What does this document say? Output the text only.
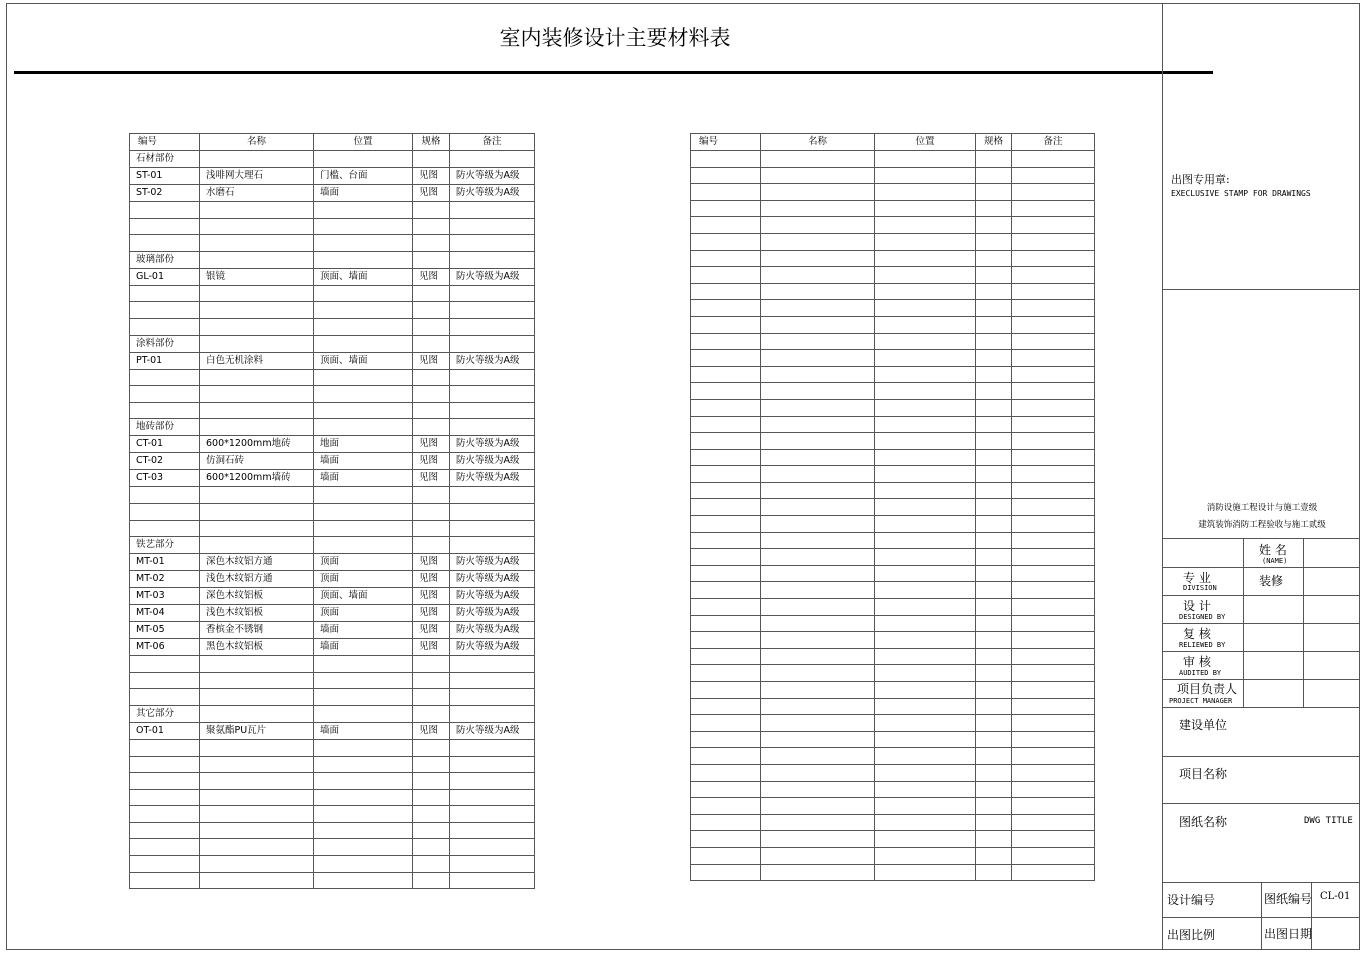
室内装修设计主要材料表
编号	名称	位置	规格	备注
石材部份				
ST-01	浅啡网大理石	门槛、台面	见图	防火等级为A级
ST-02	水磨石	墙面	见图	防火等级为A级

玻璃部份				
GL-01	银镜	顶面、墙面	见图	防火等级为A级

涂料部份				
PT-01	白色无机涂料	顶面、墙面	见图	防火等级为A级

地砖部份				
CT-01	600*1200mm地砖	地面	见图	防火等级为A级
CT-02	仿洞石砖	墙面	见图	防火等级为A级
CT-03	600*1200mm墙砖	墙面	见图	防火等级为A级

铁艺部分				
MT-01	深色木纹铝方通	顶面	见图	防火等级为A级
MT-02	浅色木纹铝方通	顶面	见图	防火等级为A级
MT-03	深色木纹铝板	顶面、墙面	见图	防火等级为A级
MT-04	浅色木纹铝板	顶面	见图	防火等级为A级
MT-05	香槟金不锈钢	墙面	见图	防火等级为A级
MT-06	黑色木纹铝板	墙面	见图	防火等级为A级

其它部分				
OT-01	聚氨酯PU瓦片	墙面	见图	防火等级为A级

编号	名称	位置	规格	备注

出图专用章:
EXECLUSIVE STAMP FOR DRAWINGS
消防设施工程设计与施工壹级
建筑装饰消防工程验收与施工贰级
姓 名
(NAME)
专 业
DIVISION	装修
设 计
DESIGNED BY
复 核
RELIEWED BY
审 核
AUDITED BY
项目负责人
PROJECT MANAGER
建设单位
项目名称
图纸名称	DWG TITLE
设计编号	图纸编号 CL-01
出图比例	出图日期
